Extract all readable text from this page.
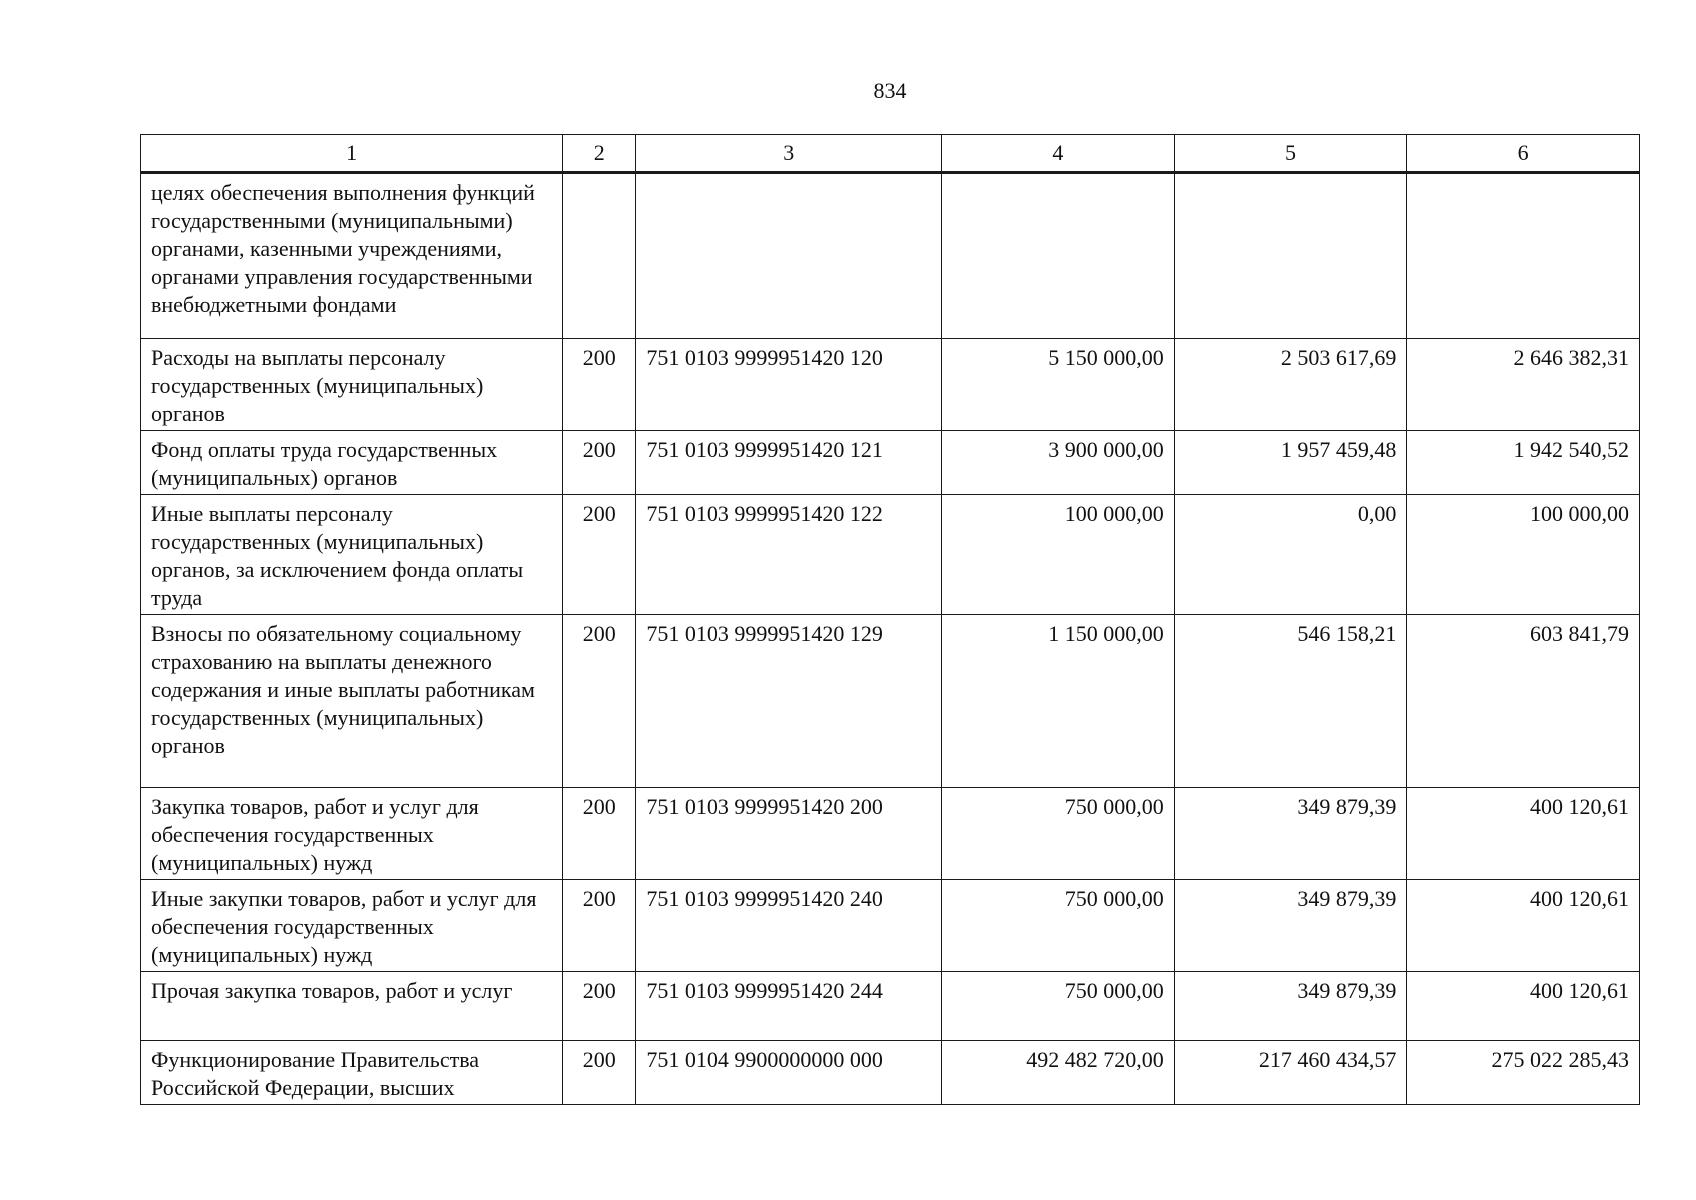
834
1	2	3	4	5	6
целях обеспечения выполнения функций государственными (муниципальными) органами, казенными учреждениями, органами управления государственными внебюджетными фондами					
Расходы на выплаты персоналу государственных (муниципальных) органов	200	751 0103 9999951420 120	5 150 000,00	2 503 617,69	2 646 382,31
Фонд оплаты труда государственных (муниципальных) органов	200	751 0103 9999951420 121	3 900 000,00	1 957 459,48	1 942 540,52
Иные выплаты персоналу государственных (муниципальных) органов, за исключением фонда оплаты труда	200	751 0103 9999951420 122	100 000,00	0,00	100 000,00
Взносы по обязательному социальному страхованию на выплаты денежного содержания и иные выплаты работникам государственных (муниципальных) органов	200	751 0103 9999951420 129	1 150 000,00	546 158,21	603 841,79
Закупка товаров, работ и услуг для обеспечения государственных (муниципальных) нужд	200	751 0103 9999951420 200	750 000,00	349 879,39	400 120,61
Иные закупки товаров, работ и услуг для обеспечения государственных (муниципальных) нужд	200	751 0103 9999951420 240	750 000,00	349 879,39	400 120,61
Прочая закупка товаров, работ и услуг	200	751 0103 9999951420 244	750 000,00	349 879,39	400 120,61
Функционирование Правительства Российской Федерации, высших	200	751 0104 9900000000 000	492 482 720,00	217 460 434,57	275 022 285,43
